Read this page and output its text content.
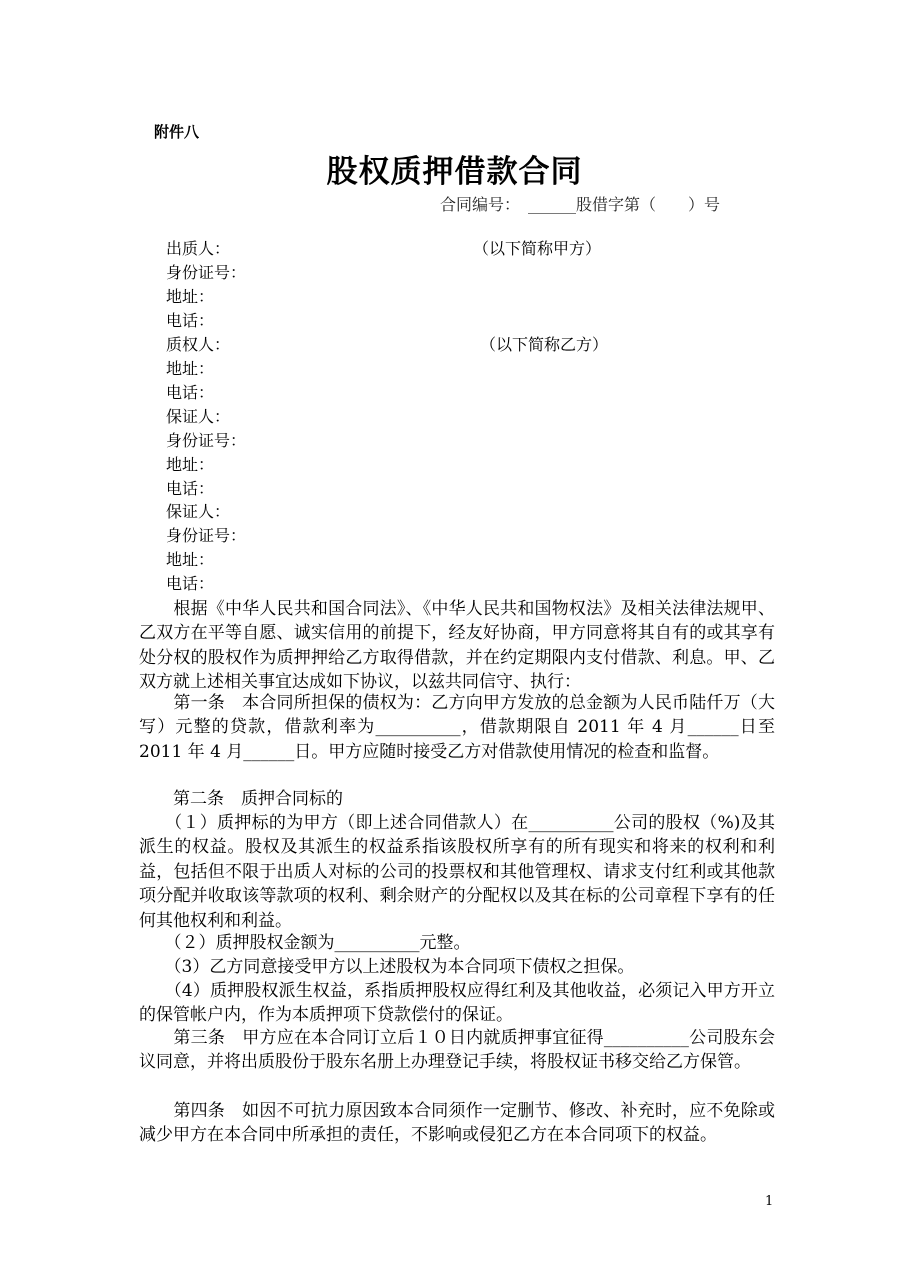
附件八
股权质押借款合同
合同编号：　______股借字第（　　）号
出质人：	（以下简称甲方）
身份证号：
地址：
电话：
质权人：	（以下简称乙方）
地址：
电话：
保证人：
身份证号：
地址：
电话：
保证人：
身份证号：
地址：
电话：
　　根据《中华人民共和国合同法》、《中华人民共和国物权法》及相关法律法规甲、乙双方在平等自愿、诚实信用的前提下，经友好协商，甲方同意将其自有的或其享有处分权的股权作为质押押给乙方取得借款，并在约定期限内支付借款、利息。甲、乙双方就上述相关事宜达成如下协议，以兹共同信守、执行：
　　第一条　本合同所担保的债权为：乙方向甲方发放的总金额为人民币陆仟万（大写）元整的贷款，借款利率为__________，借款期限自 2011 年 4 月______日至 2011 年 4 月______日。甲方应随时接受乙方对借款使用情况的检查和监督。
　　第二条　质押合同标的
　　（１）质押标的为甲方（即上述合同借款人）在__________公司的股权（%)及其派生的权益。股权及其派生的权益系指该股权所享有的所有现实和将来的权利和利益，包括但不限于出质人对标的公司的投票权和其他管理权、请求支付红利或其他款项分配并收取该等款项的权利、剩余财产的分配权以及其在标的公司章程下享有的任何其他权利和利益。
　　（２）质押股权金额为__________元整。
　　（3）乙方同意接受甲方以上述股权为本合同项下债权之担保。
　　（4）质押股权派生权益，系指质押股权应得红利及其他收益，必须记入甲方开立的保管帐户内，作为本质押项下贷款偿付的保证。
　　第三条　甲方应在本合同订立后１０日内就质押事宜征得__________公司股东会议同意，并将出质股份于股东名册上办理登记手续，将股权证书移交给乙方保管。
　　第四条　如因不可抗力原因致本合同须作一定删节、修改、补充时，应不免除或减少甲方在本合同中所承担的责任，不影响或侵犯乙方在本合同项下的权益。
1
